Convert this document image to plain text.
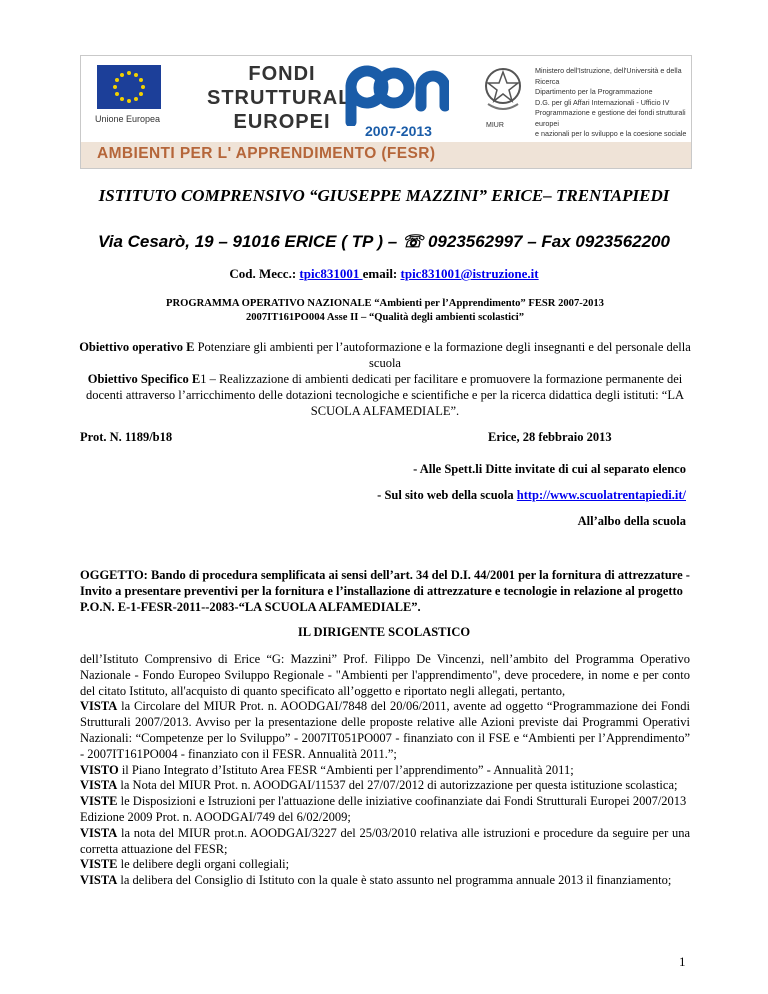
Unione Europea
FONDI
STRUTTURALI
EUROPEI	2007-2013	MIUR
Ministero dell'Istruzione, dell'Università e della Ricerca
Dipartimento per la Programmazione
D.G. per gli Affari Internazionali - Ufficio IV
Programmazione e gestione dei fondi strutturali europei
e nazionali per lo sviluppo e la coesione sociale
AMBIENTI PER L' APPRENDIMENTO (FESR)
ISTITUTO COMPRENSIVO “GIUSEPPE MAZZINI” ERICE– TRENTAPIEDI
Via Cesarò, 19 – 91016 ERICE ( TP ) – ☏ 0923562997 – Fax 0923562200
Cod. Mecc.: tpic831001 email: tpic831001@istruzione.it
PROGRAMMA OPERATIVO NAZIONALE “Ambienti per l’Apprendimento” FESR 2007-2013
2007IT161PO004 Asse II – “Qualità degli ambienti scolastici”
Obiettivo operativo E Potenziare gli ambienti per l’autoformazione e la formazione degli insegnanti e del personale della scuola
Obiettivo Specifico E1 – Realizzazione di ambienti dedicati per facilitare e promuovere la formazione permanente dei docenti attraverso l’arricchimento delle dotazioni tecnologiche e scientifiche e per la ricerca didattica degli istituti: “LA SCUOLA ALFAMEDIALE”.
Prot. N. 1189/b18	Erice, 28 febbraio 2013
- Alle Spett.li Ditte invitate di cui al separato elenco
- Sul sito web della scuola http://www.scuolatrentapiedi.it/
All’albo della scuola
OGGETTO: Bando di procedura semplificata ai sensi dell’art. 34 del D.I. 44/2001 per la fornitura di attrezzature - Invito a presentare preventivi per la fornitura e l’installazione di attrezzature e tecnologie in relazione al progetto P.O.N. E-1-FESR-2011--2083-“LA SCUOLA ALFAMEDIALE”.
IL DIRIGENTE SCOLASTICO

dell’Istituto Comprensivo di Erice “G: Mazzini” Prof. Filippo De Vincenzi, nell’ambito del Programma Operativo Nazionale - Fondo Europeo Sviluppo Regionale - "Ambienti per l'apprendimento", deve procedere, in nome e per conto del citato Istituto, all'acquisto di quanto specificato all’oggetto e riportato negli allegati, pertanto,

VISTA la Circolare del MIUR Prot. n. AOODGAI/7848 del 20/06/2011, avente ad oggetto “Programmazione dei Fondi Strutturali 2007/2013. Avviso per la presentazione delle proposte relative alle Azioni previste dai Programmi Operativi Nazionali: “Competenze per lo Sviluppo” - 2007IT051PO007 - finanziato con il FSE e “Ambienti per l’Apprendimento” - 2007IT161PO004 - finanziato con il FESR. Annualità 2011.”;

VISTO il Piano Integrato d’Istituto Area FESR “Ambienti per l’apprendimento” - Annualità 2011;

VISTA la Nota del MIUR Prot. n. AOODGAI/11537 del 27/07/2012 di autorizzazione per questa istituzione scolastica;

VISTE le Disposizioni e Istruzioni per l'attuazione delle iniziative coofinanziate dai Fondi Strutturali Europei 2007/2013 Edizione 2009 Prot. n. AOODGAI/749 del 6/02/2009;

VISTA la nota del MIUR prot.n. AOODGAI/3227 del 25/03/2010 relativa alle istruzioni e procedure da seguire per una corretta attuazione del FESR;

VISTE le delibere degli organi collegiali;

VISTA la delibera del Consiglio di Istituto con la quale è stato assunto nel programma annuale 2013 il finanziamento;

1
